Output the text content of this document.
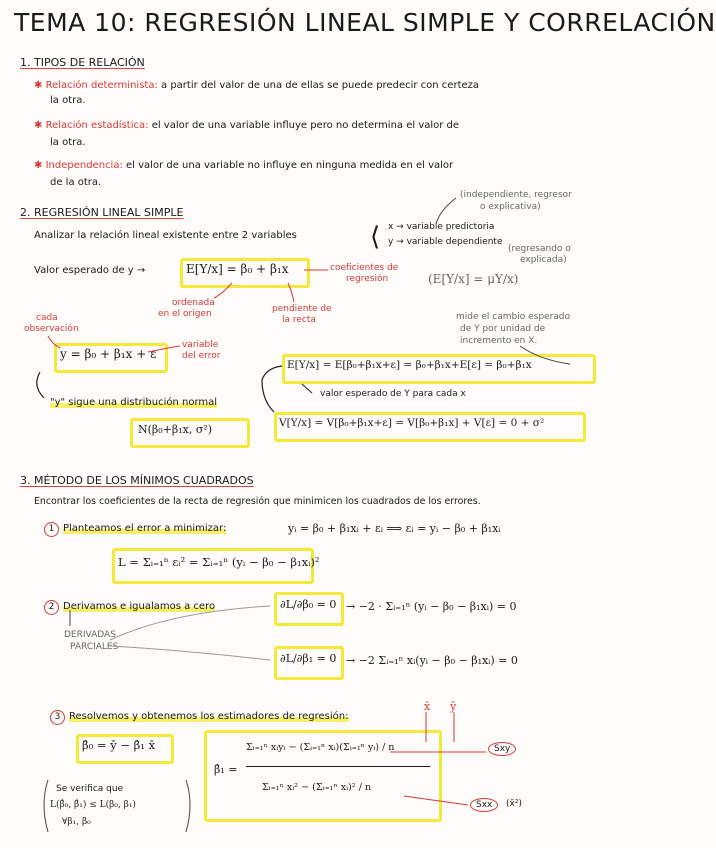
TEMA 10: REGRESIÓN LINEAL SIMPLE Y CORRELACIÓN
1. TIPOS DE RELACIÓN
✱ Relación determinista: a partir del valor de una de ellas se puede predecir con certeza
la otra.
✱ Relación estadística: el valor de una variable influye pero no determina el valor de
la otra.
✱ Independencia: el valor de una variable no influye en ninguna medida en el valor
de la otra.
2. REGRESIÓN LINEAL SIMPLE
(independiente, regresor
o explicativa)
Analizar la relación lineal existente entre 2 variables	⟨ x → variable predictoria
y → variable dependiente
(regresando o
explicada)
Valor esperado de y →	E[Y/x] = β₀ + β₁x	coeficientes de
regresión	(E[Y/x] = μY/x)
ordenada
en el origen	pendiente de
la recta	mide el cambio esperado
de Y por unidad de
incremento en X.
cada
observación
y = β₀ + β₁x + ε
variable
del error
E[Y/x] = E[β₀+β₁x+ε] = β₀+β₁x+E[ε] = β₀+β₁x
valor esperado de Y para cada x
"y" sigue una distribución normal
N(β₀+β₁x, σ²)	V[Y/x] = V[β₀+β₁x+ε] = V[β₀+β₁x] + V[ε] = 0 + σ²
3. MÉTODO DE LOS MÍNIMOS CUADRADOS
Encontrar los coeficientes de la recta de regresión que minimicen los cuadrados de los errores.
1 Planteamos el error a minimizar:	yᵢ = β₀ + β₁xᵢ + εᵢ ⟹ εᵢ = yᵢ − β₀ + β₁xᵢ
L = Σᵢ₌₁ⁿ εᵢ² = Σᵢ₌₁ⁿ (yᵢ − β₀ − β₁xᵢ)²
2 Derivamos e igualamos a cero
DERIVADAS
PARCIALES
∂L/∂β₀ = 0 → −2 · Σᵢ₌₁ⁿ (yᵢ − β₀ − β₁xᵢ) = 0
∂L/∂β₁ = 0 → −2 Σᵢ₌₁ⁿ xᵢ(yᵢ − β₀ − β₁xᵢ) = 0
3 Resolvemos y obtenemos los estimadores de regresión:
x̄ ȳ
β̂₀ = ȳ − β̂₁ x̄
β̂₁ =
Σᵢ₌₁ⁿ xᵢyᵢ − (Σᵢ₌₁ⁿ xᵢ)(Σᵢ₌₁ⁿ yᵢ) / n
Σᵢ₌₁ⁿ xᵢ² − (Σᵢ₌₁ⁿ xᵢ)² / n
Sxy
Sxx	(x̄²)
Se verifica que
L(β̂₀, β̂₁) ≤ L(β₀, β₁)
∀β₁, β₀
